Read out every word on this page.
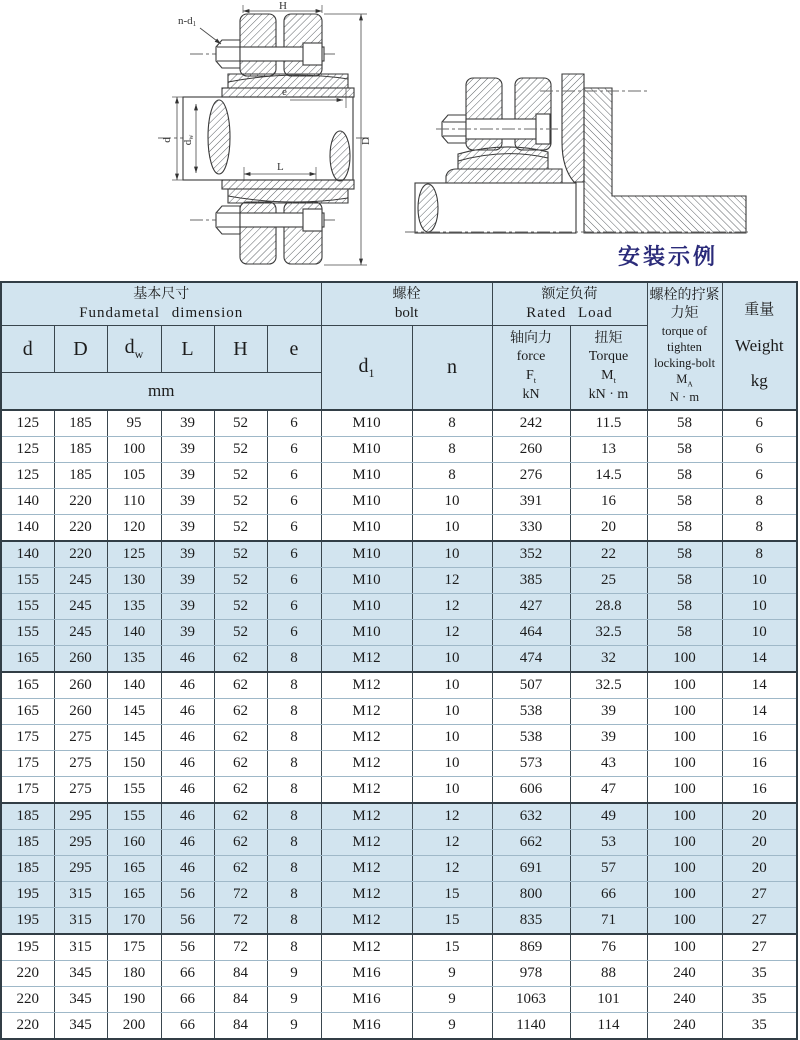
H
D
d dw
L
e
n-d1
安装示例
基本尺寸
Fundametal dimension

螺栓
bolt

额定负荷
Rated Load

螺栓的拧紧
力矩
torque of
tighten
locking-bolt
$M_A$
N · m

重量
Weight
kg

d	D	$d_w$	L	H	e	$d_1$	n	
轴向力
force
$F_t$
kN

扭矩
Torque
$M_t$
kN · m

mm											
125	185	95	39	52	6	M10	8	242	11.5	58	6
125	185	100	39	52	6	M10	8	260	13	58	6
125	185	105	39	52	6	M10	8	276	14.5	58	6
140	220	110	39	52	6	M10	10	391	16	58	8
140	220	120	39	52	6	M10	10	330	20	58	8
140	220	125	39	52	6	M10	10	352	22	58	8
155	245	130	39	52	6	M10	12	385	25	58	10
155	245	135	39	52	6	M10	12	427	28.8	58	10
155	245	140	39	52	6	M10	12	464	32.5	58	10
165	260	135	46	62	8	M12	10	474	32	100	14
165	260	140	46	62	8	M12	10	507	32.5	100	14
165	260	145	46	62	8	M12	10	538	39	100	14
175	275	145	46	62	8	M12	10	538	39	100	16
175	275	150	46	62	8	M12	10	573	43	100	16
175	275	155	46	62	8	M12	10	606	47	100	16
185	295	155	46	62	8	M12	12	632	49	100	20
185	295	160	46	62	8	M12	12	662	53	100	20
185	295	165	46	62	8	M12	12	691	57	100	20
195	315	165	56	72	8	M12	15	800	66	100	27
195	315	170	56	72	8	M12	15	835	71	100	27
195	315	175	56	72	8	M12	15	869	76	100	27
220	345	180	66	84	9	M16	9	978	88	240	35
220	345	190	66	84	9	M16	9	1063	101	240	35
220	345	200	66	84	9	M16	9	1140	114	240	35
